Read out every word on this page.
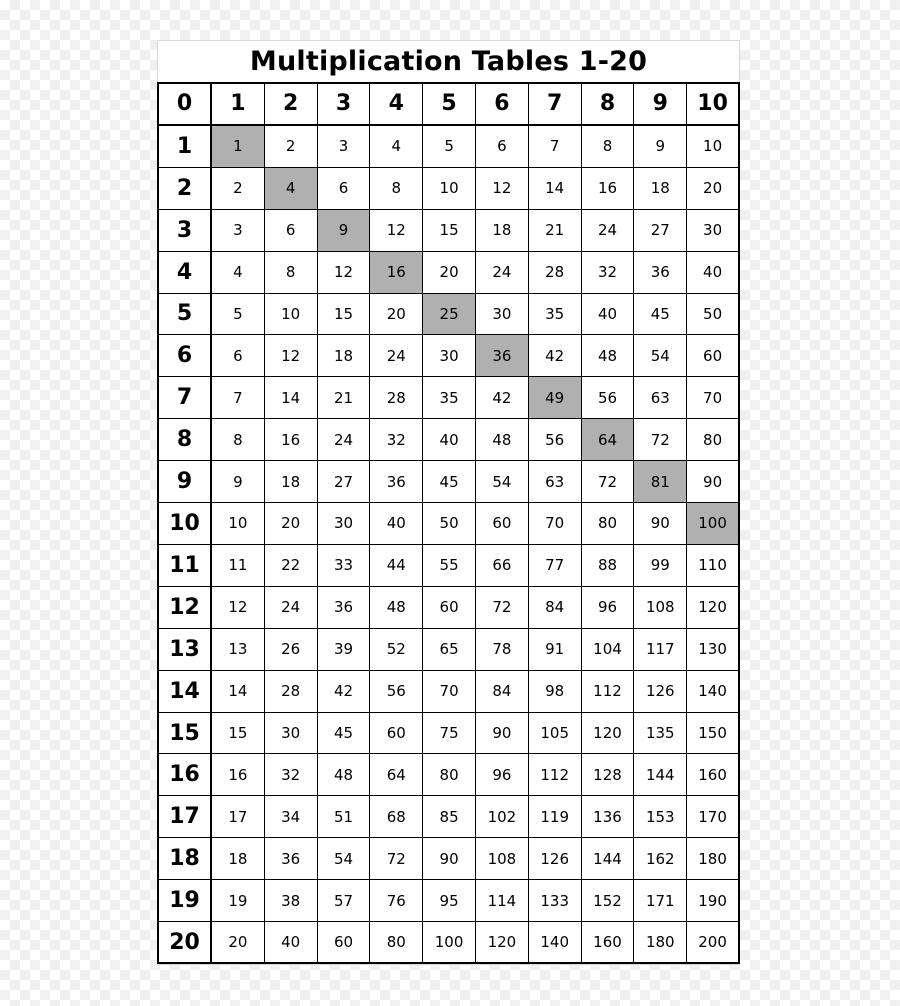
Multiplication Tables 1-20
0	1	2	3	4	5	6	7	8	9	10
1	1	2	3	4	5	6	7	8	9	10
2	2	4	6	8	10	12	14	16	18	20
3	3	6	9	12	15	18	21	24	27	30
4	4	8	12	16	20	24	28	32	36	40
5	5	10	15	20	25	30	35	40	45	50
6	6	12	18	24	30	36	42	48	54	60
7	7	14	21	28	35	42	49	56	63	70
8	8	16	24	32	40	48	56	64	72	80
9	9	18	27	36	45	54	63	72	81	90
10	10	20	30	40	50	60	70	80	90	100
11	11	22	33	44	55	66	77	88	99	110
12	12	24	36	48	60	72	84	96	108	120
13	13	26	39	52	65	78	91	104	117	130
14	14	28	42	56	70	84	98	112	126	140
15	15	30	45	60	75	90	105	120	135	150
16	16	32	48	64	80	96	112	128	144	160
17	17	34	51	68	85	102	119	136	153	170
18	18	36	54	72	90	108	126	144	162	180
19	19	38	57	76	95	114	133	152	171	190
20	20	40	60	80	100	120	140	160	180	200
